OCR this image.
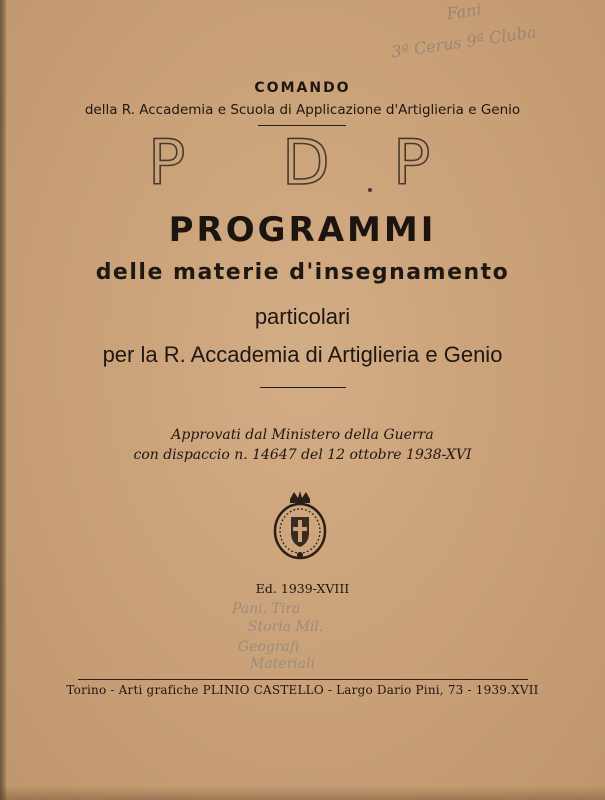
Fani
3ª Cerus 9ª Cluba
COMANDO
della R. Accademia e Scuola di Applicazione d'Artiglieria e Genio
P D P
PROGRAMMI
delle materie d'insegnamento
particolari
per la R. Accademia di Artiglieria e Genio
Approvati dal Ministero della Guerra
con dispaccio n. 14647 del 12 ottobre 1938-XVI
Ed. 1939-XVIII
Pani, Tira
Storia Mil.
Geografi
Materiali
Torino - Arti grafiche PLINIO CASTELLO - Largo Dario Pini, 73 - 1939.XVII
